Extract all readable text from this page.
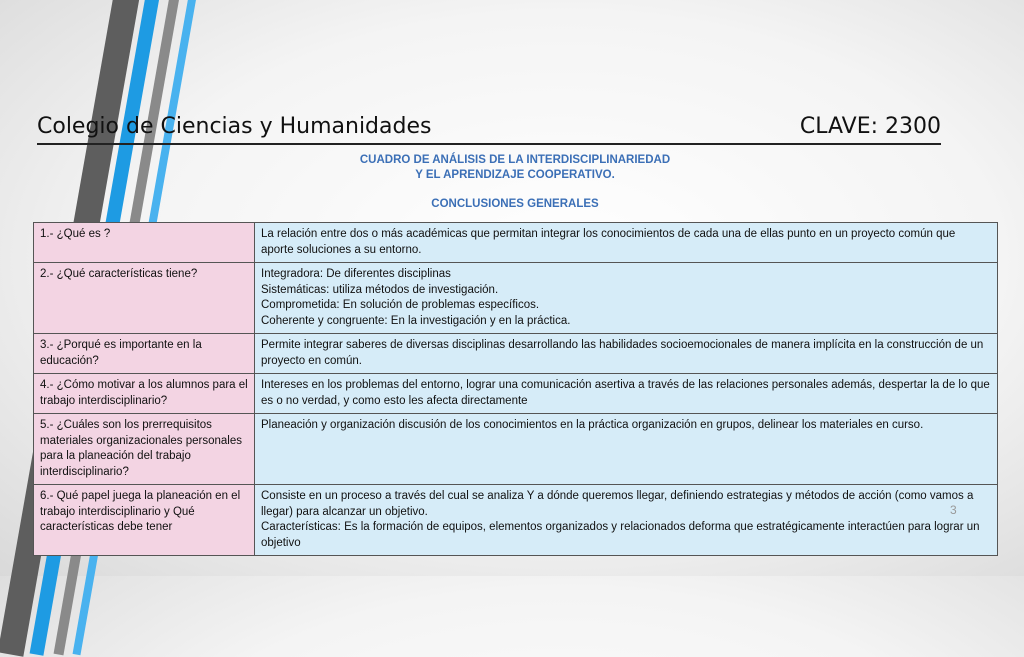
Colegio de Ciencias y Humanidades	CLAVE: 2300
CUADRO DE ANÁLISIS DE LA INTERDISCIPLINARIEDAD
Y EL APRENDIZAJE COOPERATIVO.
CONCLUSIONES GENERALES
1.- ¿Qué es ?	La relación entre dos o más académicas que permitan integrar los conocimientos de cada una de ellas punto en un proyecto común que aporte soluciones a su entorno.

2.- ¿Qué características tiene?	Integradora: De diferentes disciplinas
Sistemáticas: utiliza métodos de investigación.
Comprometida: En solución de problemas específicos.
Coherente y congruente: En la investigación y en la práctica.

3.- ¿Porqué es importante en la educación?	Permite integrar saberes de diversas disciplinas desarrollando las habilidades socioemocionales de manera implícita en la construcción de un proyecto en común.

4.- ¿Cómo motivar a los alumnos para el trabajo interdisciplinario?	Intereses en los problemas del entorno, lograr una comunicación asertiva a través de las relaciones personales además, despertar la de lo que es o no verdad, y como esto les afecta directamente

5.- ¿Cuáles son los prerrequisitos materiales organizacionales personales para la planeación del trabajo interdisciplinario?	Planeación y organización discusión de los conocimientos en la práctica organización en grupos, delinear los materiales en curso.

6.- Qué papel juega la planeación en el trabajo interdisciplinario y Qué características debe tener	Consiste en un proceso a través del cual se analiza Y a dónde queremos llegar, definiendo estrategias y métodos de acción (como vamos a llegar) para alcanzar un objetivo.
Características: Es la formación de equipos, elementos organizados y relacionados deforma que estratégicamente interactúen para lograr un objetivo
3
